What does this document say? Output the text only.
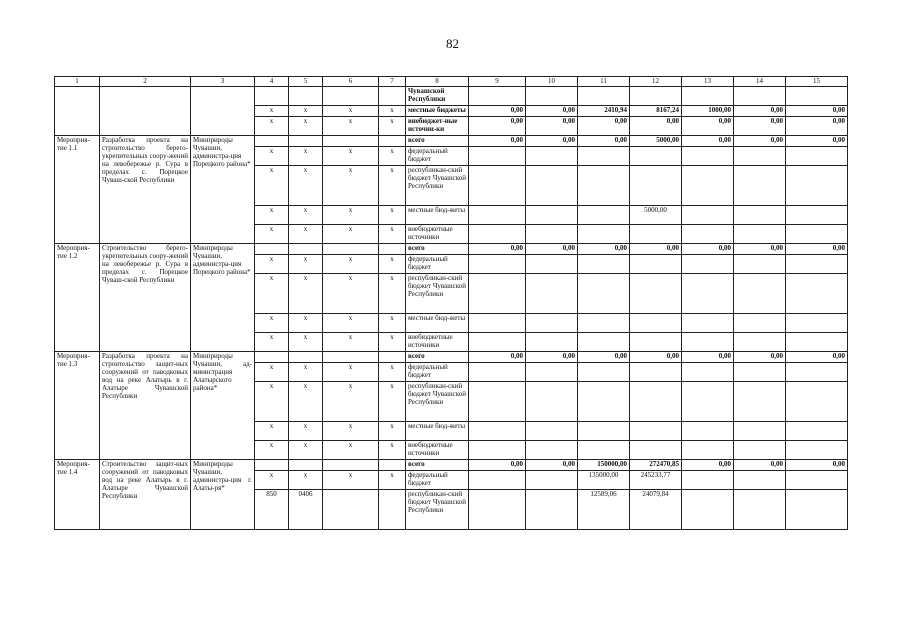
82
1	2	3	4	5	6	7	8	9	10	11	12	13	14	15
							Чувашской Республики							
			x	x	x	x	местные бюджеты	0,00	0,00	2410,94	8167,24	1000,00	0,00	0,00
			x	x	x	x	внебюджет-ные источни-ки	0,00	0,00	0,00	0,00	0,00	0,00	0,00
Мероприя-тие 1.1	Разработка проекта на строительство берего-укрепительных соору-жений на левобережье р. Сура в пределах с. Порецкое Чуваш-ской Республики	Минприроды Чувашии, администра-ция Порецкого района*					всего	0,00	0,00	0,00	5000,00	0,00	0,00	0,00
			x	x	x	x	федеральный бюджет							
			x	x	x	x	республикан-ский бюджет Чувашской Республики							
			x	x	x	x	местные бюд-жеты				5000,00			
			x	x	x	x	внебюджетные источники							
Мероприя-тие 1.2	Строительство берего-укрепительных соору-жений на левобережье р. Сура в пределах с. Порецкое Чуваш-ской Республики	Минприроды Чувашии, администра-ция Порецкого района*					всего	0,00	0,00	0,00	0,00	0,00	0,00	0,00
			x	x	x	x	федеральный бюджет							
			x	x	x	x	республикан-ский бюджет Чувашской Республики							
			x	x	x	x	местные бюд-жеты							
			x	x	x	x	внебюджетные источники							
Мероприя-тие 1.3	Разработка проекта на строительство защит-ных сооружений от паводковых вод на реке Алатырь в г. Алатыре Чувашской Республики	Минприроды Чувашии, ад-министрация Алатырского района*					всего	0,00	0,00	0,00	0,00	0,00	0,00	0,00
			x	x	x	x	федеральный бюджет							
			x	x	x	x	республикан-ский бюджет Чувашской Республики							
			x	x	x	x	местные бюд-жеты							
			x	x	x	x	внебюджетные источники							
Мероприя-тие 1.4	Строительство защит-ных сооружений от паводковых вод на реке Алатырь в г. Алатыре Чувашской Республики	Минприроды Чувашии, администра-ция г. Алаты-ря*					всего	0,00	0,00	150000,00	272470,85	0,00	0,00	0,00
			x	x	x	x	федеральный бюджет			135000,00	245233,77			
			850	0406			республикан-ский бюджет Чувашской Республики			12589,06	24079,84			
